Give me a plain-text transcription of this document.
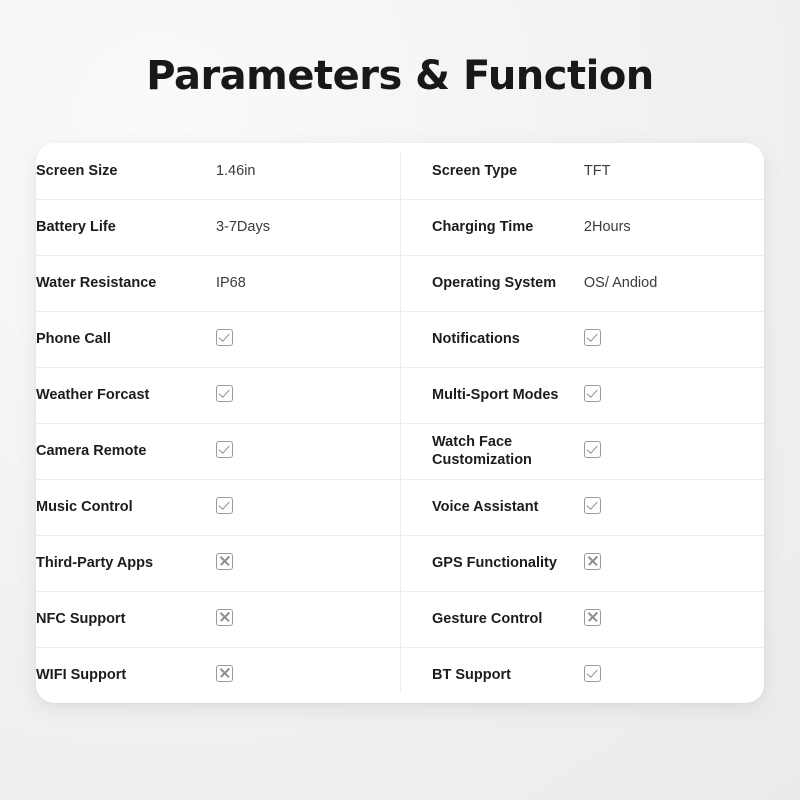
Parameters & Function
Screen Size	1.46in	Screen Type	TFT
Battery Life	3-7Days	Charging Time	2Hours
Water Resistance	IP68	Operating System	OS/ Andiod
Phone Call		Notifications	
Weather Forcast		Multi-Sport Modes	
Camera Remote		Watch Face Customization	
Music Control		Voice Assistant	
Third-Party Apps		GPS Functionality	
NFC Support		Gesture Control	
WIFI Support		BT Support	
